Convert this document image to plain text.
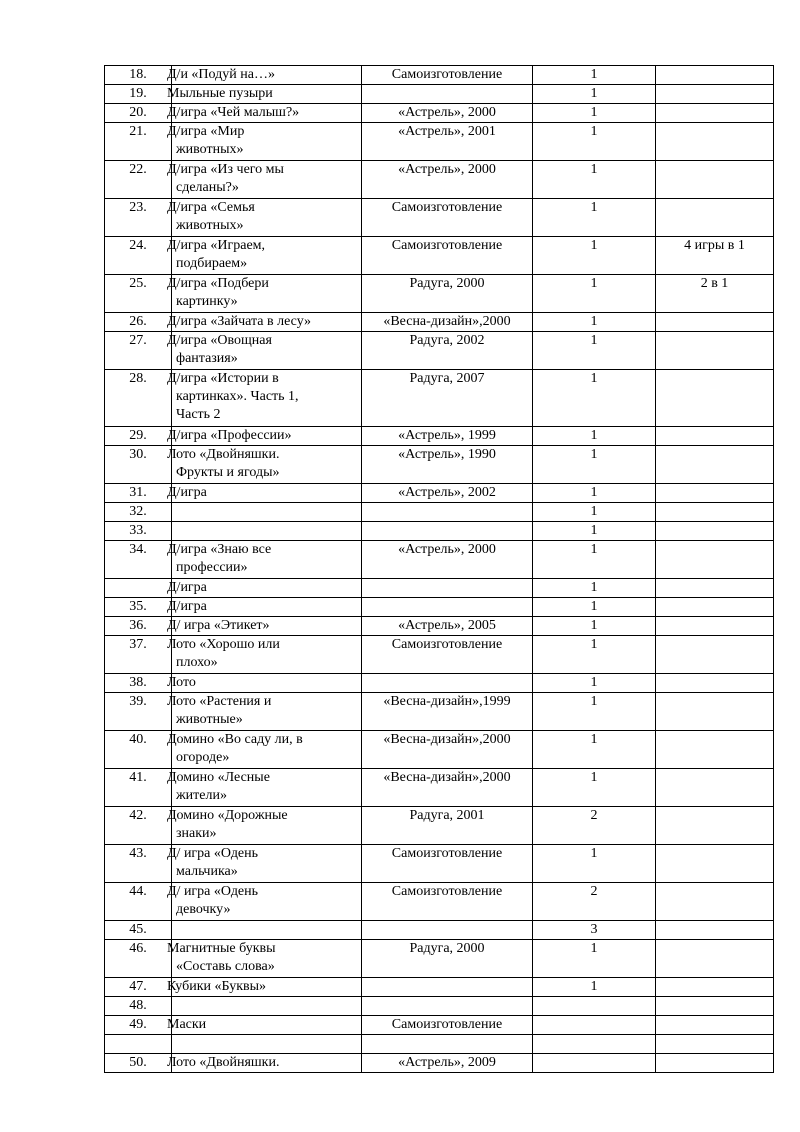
18.	Д/и «Подуй на…»	Самоизготовление	1	
19.	Мыльные пузыри		1	
20.	Д/игра «Чей малыш?»	«Астрель», 2000	1	
21.	Д/игра «Мир
животных»	«Астрель», 2001	1	
22.	Д/игра «Из чего мы
сделаны?»	«Астрель», 2000	1	
23.	Д/игра «Семья
животных»	Самоизготовление	1	
24.	Д/игра «Играем,
подбираем»	Самоизготовление	1	4 игры в 1
25.	Д/игра «Подбери
картинку»	Радуга, 2000	1	2 в 1
26.	Д/игра «Зайчата в лесу»	«Весна-дизайн»,2000	1	
27.	Д/игра «Овощная
фантазия»	Радуга, 2002	1	
28.	Д/игра «Истории в
картинках». Часть 1,
Часть 2	Радуга, 2007	1	
29.	Д/игра «Профессии»	«Астрель», 1999	1	
30.	Лото «Двойняшки.
Фрукты и ягоды»	«Астрель», 1990	1	
31.	Д/игра	«Астрель», 2002	1	
32.			1	
33.			1	
34.	Д/игра «Знаю все
профессии»	«Астрель», 2000	1	
	Д/игра		1	
35.	Д/игра		1	
36.	Д/ игра «Этикет»	«Астрель», 2005	1	
37.	Лото «Хорошо или
плохо»	Самоизготовление	1	
38.	Лото		1	
39.	Лото «Растения и
животные»	«Весна-дизайн»,1999	1	
40.	Домино «Во саду ли, в
огороде»	«Весна-дизайн»,2000	1	
41.	Домино «Лесные
жители»	«Весна-дизайн»,2000	1	
42.	Домино «Дорожные
знаки»	Радуга, 2001	2	
43.	Д/ игра «Одень
мальчика»	Самоизготовление	1	
44.	Д/ игра «Одень
девочку»	Самоизготовление	2	
45.			3	
46.	Магнитные буквы
«Составь слова»	Радуга, 2000	1	
47.	Кубики «Буквы»		1	
48.				
49.	Маски	Самоизготовление		

50.	Лото «Двойняшки.	«Астрель», 2009		
